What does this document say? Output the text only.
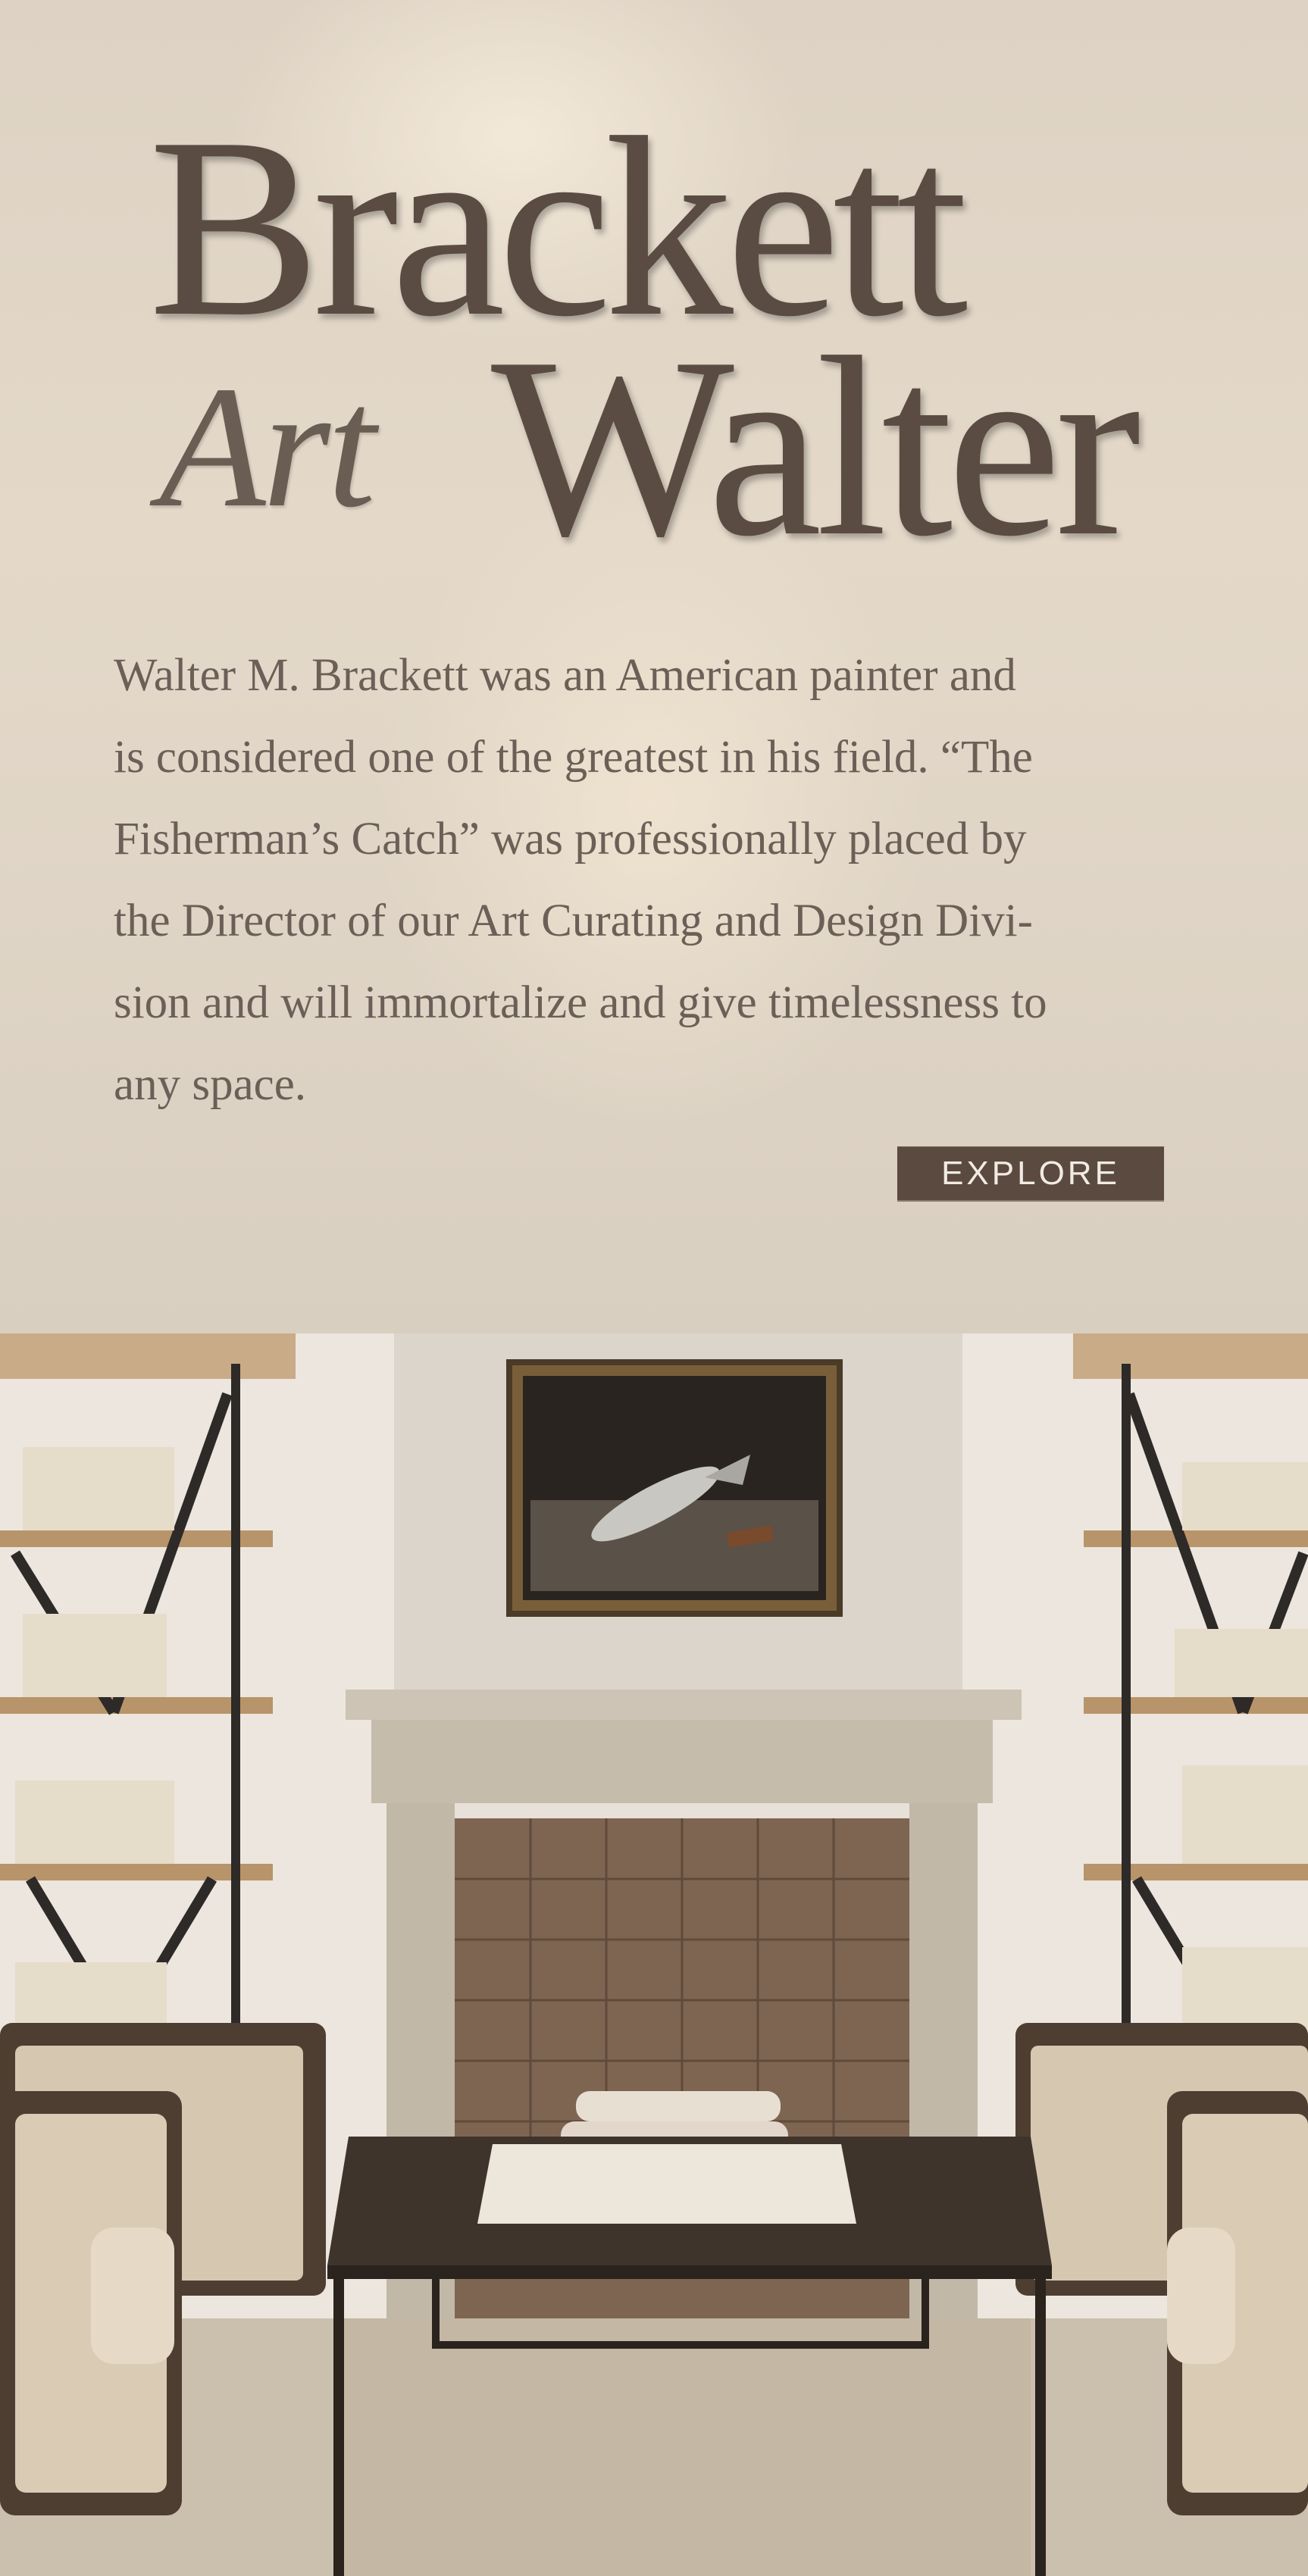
Brackett
Art Walter

Walter M. Brackett was an American painter and
is considered one of the greatest in his field. “The
Fisherman’s Catch” was professionally placed by
the Director of our Art Curating and Design Divi-
sion and will immortalize and give timelessness to
any space.

EXPLORE
